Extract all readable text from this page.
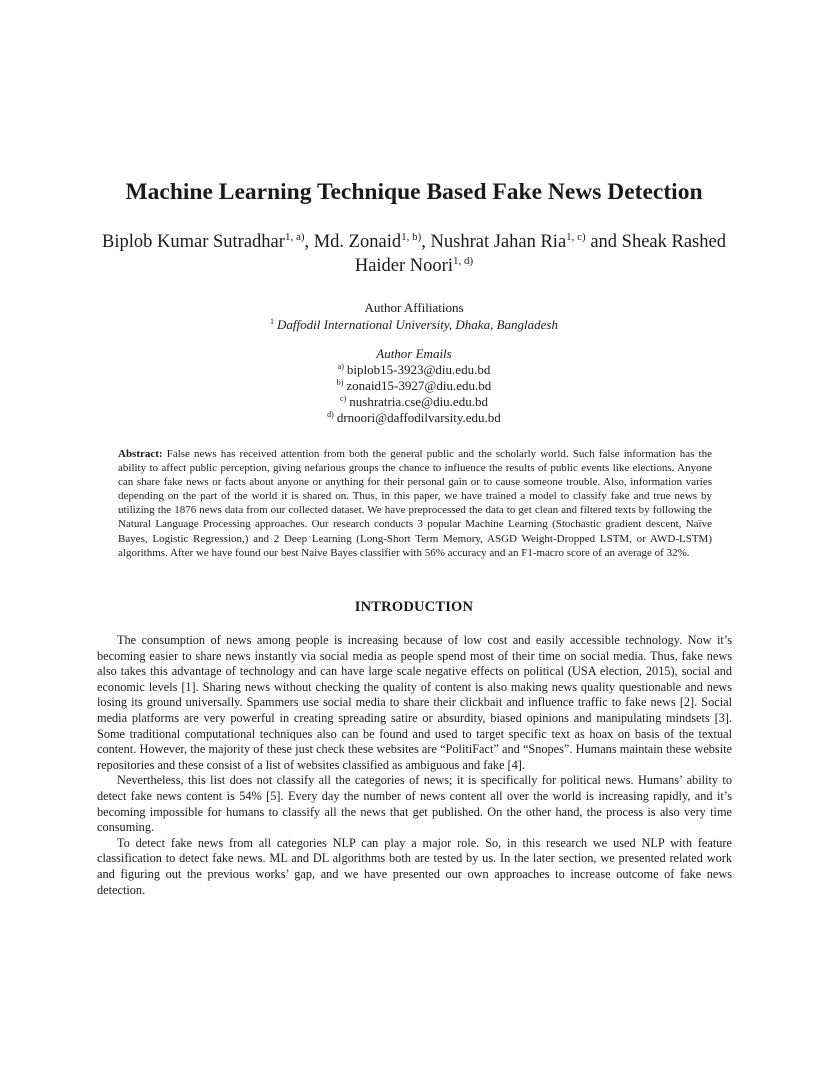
Machine Learning Technique Based Fake News Detection
Biplob Kumar Sutradhar$^{1, a)}$, Md. Zonaid$^{1, b)}$, Nushrat Jahan Ria$^{1, c)}$ and Sheak Rashed Haider Noori$^{1, d)}$
Author Affiliations
$^1$ Daffodil International University, Dhaka, Bangladesh
Author Emails
$^{a)}$ biplob15-3923@diu.edu.bd
$^{b)}$ zonaid15-3927@diu.edu.bd
$^{c)}$ nushratria.cse@diu.edu.bd
$^{d)}$ drnoori@daffodilvarsity.edu.bd

Abstract: False news has received attention from both the general public and the scholarly world. Such false information has the ability to affect public perception, giving nefarious groups the chance to influence the results of public events like elections. Anyone can share fake news or facts about anyone or anything for their personal gain or to cause someone trouble. Also, information varies depending on the part of the world it is shared on. Thus, in this paper, we have trained a model to classify fake and true news by utilizing the 1876 news data from our collected dataset. We have preprocessed the data to get clean and filtered texts by following the Natural Language Processing approaches. Our research conducts 3 popular Machine Learning (Stochastic gradient descent, Naïve Bayes, Logistic Regression,) and 2 Deep Learning (Long-Short Term Memory, ASGD Weight-Dropped LSTM, or AWD-LSTM) algorithms. After we have found our best Naive Bayes classifier with 56% accuracy and an F1-macro score of an average of 32%.

INTRODUCTION

The consumption of news among people is increasing because of low cost and easily accessible technology. Now it’s becoming easier to share news instantly via social media as people spend most of their time on social media. Thus, fake news also takes this advantage of technology and can have large scale negative effects on political (USA election, 2015), social and economic levels [1]. Sharing news without checking the quality of content is also making news quality questionable and news losing its ground universally. Spammers use social media to share their clickbait and influence traffic to fake news [2]. Social media platforms are very powerful in creating spreading satire or absurdity, biased opinions and manipulating mindsets [3]. Some traditional computational techniques also can be found and used to target specific text as hoax on basis of the textual content. However, the majority of these just check these websites are “PolitiFact” and “Snopes”. Humans maintain these website repositories and these consist of a list of websites classified as ambiguous and fake [4].

Nevertheless, this list does not classify all the categories of news; it is specifically for political news. Humans’ ability to detect fake news content is 54% [5]. Every day the number of news content all over the world is increasing rapidly, and it’s becoming impossible for humans to classify all the news that get published. On the other hand, the process is also very time consuming.

To detect fake news from all categories NLP can play a major role. So, in this research we used NLP with feature classification to detect fake news. ML and DL algorithms both are tested by us. In the later section, we presented related work and figuring out the previous works’ gap, and we have presented our own approaches to increase outcome of fake news detection.
